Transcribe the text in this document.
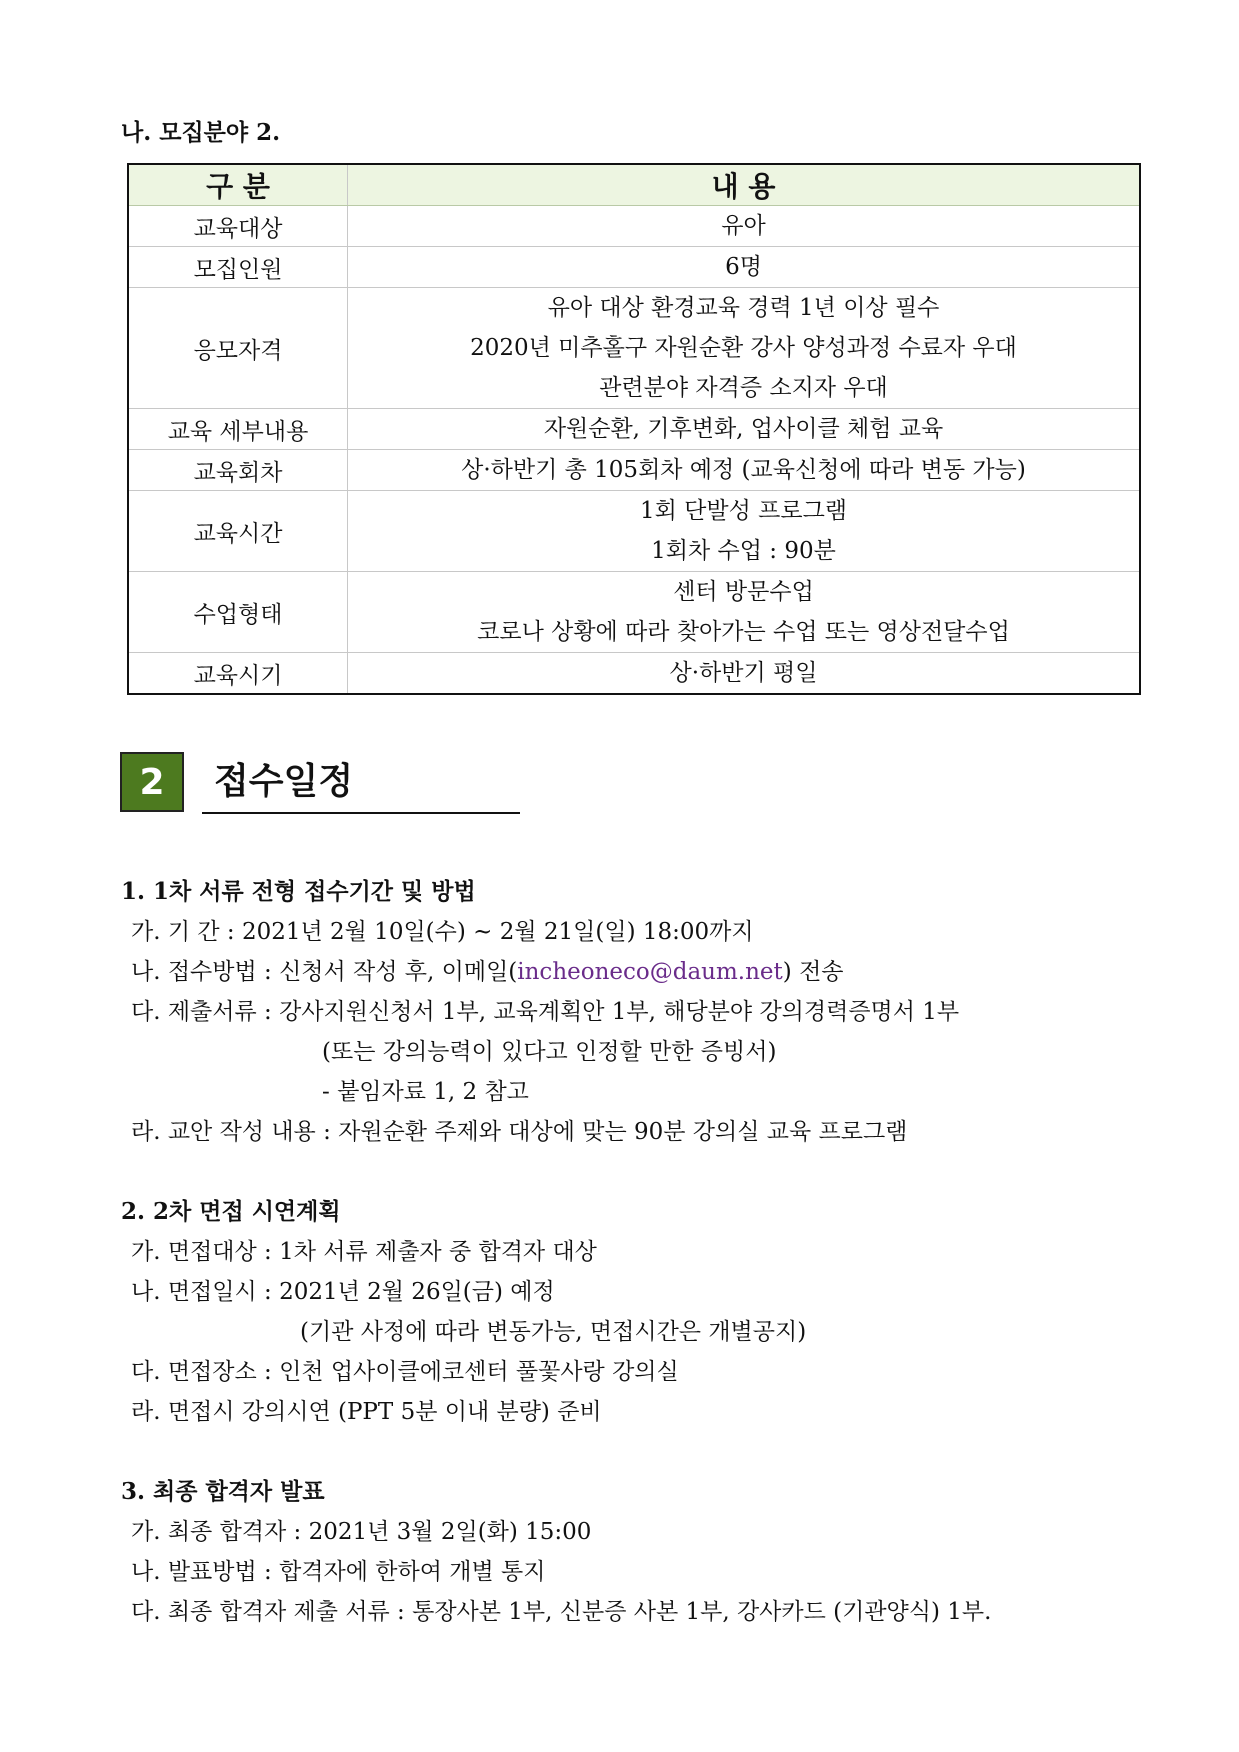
나. 모집분야 2.
구 분	내 용
교육대상	유아

모집인원	6명

응모자격	유아 대상 환경교육 경력 1년 이상 필수
2020년 미추홀구 자원순환 강사 양성과정 수료자 우대
관련분야 자격증 소지자 우대

교육 세부내용	자원순환, 기후변화, 업사이클 체험 교육

교육회차	상·하반기 총 105회차 예정 (교육신청에 따라 변동 가능)

교육시간	1회 단발성 프로그램
1회차 수업 : 90분

수업형태	센터 방문수업
코로나 상황에 따라 찾아가는 수업 또는 영상전달수업

교육시기	상·하반기 평일
2	접수일정
1. 1차 서류 전형 접수기간 및 방법
가. 기 간 : 2021년 2월 10일(수) ~ 2월 21일(일) 18:00까지
나. 접수방법 : 신청서 작성 후, 이메일(incheoneco@daum.net) 전송
다. 제출서류 : 강사지원신청서 1부, 교육계획안 1부, 해당분야 강의경력증명서 1부
(또는 강의능력이 있다고 인정할 만한 증빙서)
- 붙임자료 1, 2 참고
라. 교안 작성 내용 : 자원순환 주제와 대상에 맞는 90분 강의실 교육 프로그램
2. 2차 면접 시연계획
가. 면접대상 : 1차 서류 제출자 중 합격자 대상
나. 면접일시 : 2021년 2월 26일(금) 예정
(기관 사정에 따라 변동가능, 면접시간은 개별공지)
다. 면접장소 : 인천 업사이클에코센터 풀꽃사랑 강의실
라. 면접시 강의시연 (PPT 5분 이내 분량) 준비
3. 최종 합격자 발표
가. 최종 합격자 : 2021년 3월 2일(화) 15:00
나. 발표방법 : 합격자에 한하여 개별 통지
다. 최종 합격자 제출 서류 : 통장사본 1부, 신분증 사본 1부, 강사카드 (기관양식) 1부.
